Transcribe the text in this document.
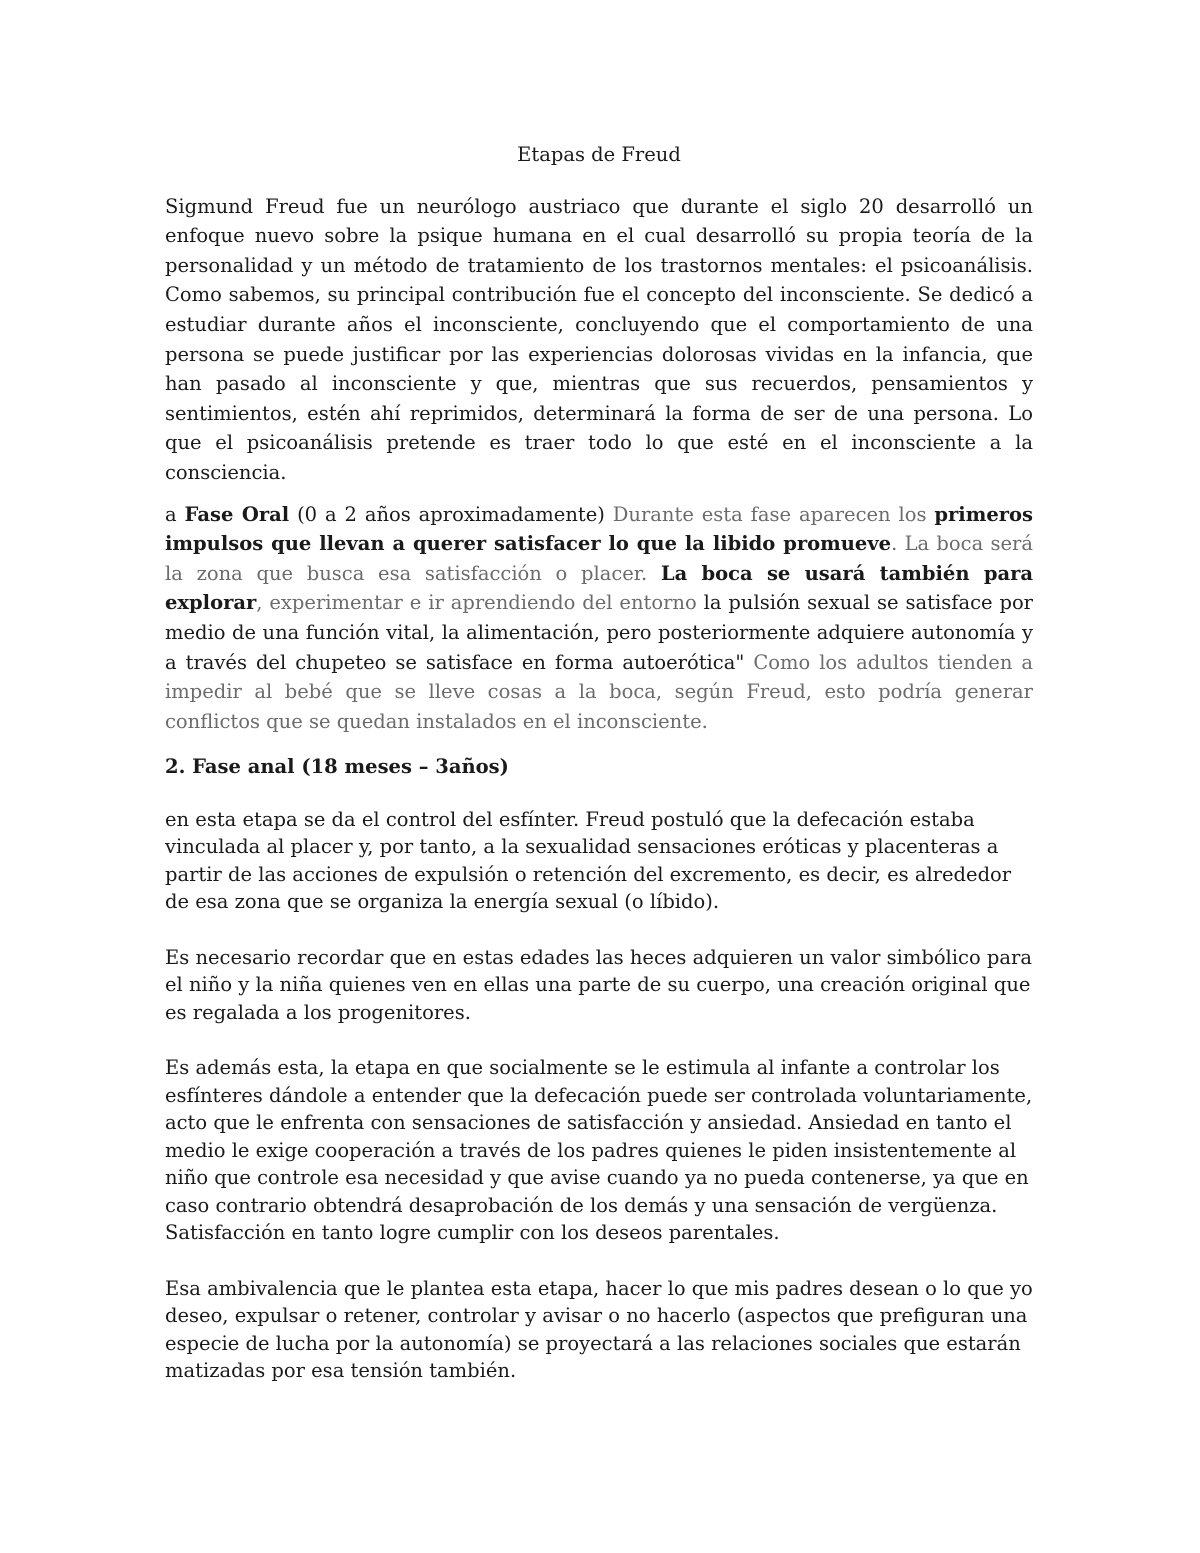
Etapas de Freud

Sigmund Freud fue un neurólogo austriaco que durante el siglo 20 desarrolló un enfoque nuevo sobre la psique humana en el cual desarrolló su propia teoría de la personalidad y un método de tratamiento de los trastornos mentales: el psicoanálisis. Como sabemos, su principal contribución fue el concepto del inconsciente. Se dedicó a estudiar durante años el inconsciente, concluyendo que el comportamiento de una persona se puede justificar por las experiencias dolorosas vividas en la infancia, que han pasado al inconsciente y que, mientras que sus recuerdos, pensamientos y sentimientos, estén ahí reprimidos, determinará la forma de ser de una persona. Lo que el psicoanálisis pretende es traer todo lo que esté en el inconsciente a la consciencia.

a Fase Oral (0 a 2 años aproximadamente) Durante esta fase aparecen los primeros impulsos que llevan a querer satisfacer lo que la libido promueve. La boca será la zona que busca esa satisfacción o placer. La boca se usará también para explorar, experimentar e ir aprendiendo del entorno la pulsión sexual se satisface por medio de una función vital, la alimentación, pero posteriormente adquiere autonomía y a través del chupeteo se satisface en forma autoerótica" Como los adultos tienden a impedir al bebé que se lleve cosas a la boca, según Freud, esto podría generar conflictos que se quedan instalados en el inconsciente.

2. Fase anal (18 meses – 3años)

en esta etapa se da el control del esfínter. Freud postuló que la defecación estaba vinculada al placer y, por tanto, a la sexualidad sensaciones eróticas y placenteras a partir de las acciones de expulsión o retención del excremento, es decir, es alrededor de esa zona que se organiza la energía sexual (o líbido).

Es necesario recordar que en estas edades las heces adquieren un valor simbólico para el niño y la niña quienes ven en ellas una parte de su cuerpo, una creación original que es regalada a los progenitores.

Es además esta, la etapa en que socialmente se le estimula al infante a controlar los esfínteres dándole a entender que la defecación puede ser controlada voluntariamente, acto que le enfrenta con sensaciones de satisfacción y ansiedad. Ansiedad en tanto el medio le exige cooperación a través de los padres quienes le piden insistentemente al niño que controle esa necesidad y que avise cuando ya no pueda contenerse, ya que en caso contrario obtendrá desaprobación de los demás y una sensación de vergüenza. Satisfacción en tanto logre cumplir con los deseos parentales.

Esa ambivalencia que le plantea esta etapa, hacer lo que mis padres desean o lo que yo deseo, expulsar o retener, controlar y avisar o no hacerlo (aspectos que prefiguran una especie de lucha por la autonomía) se proyectará a las relaciones sociales que estarán matizadas por esa tensión también.
